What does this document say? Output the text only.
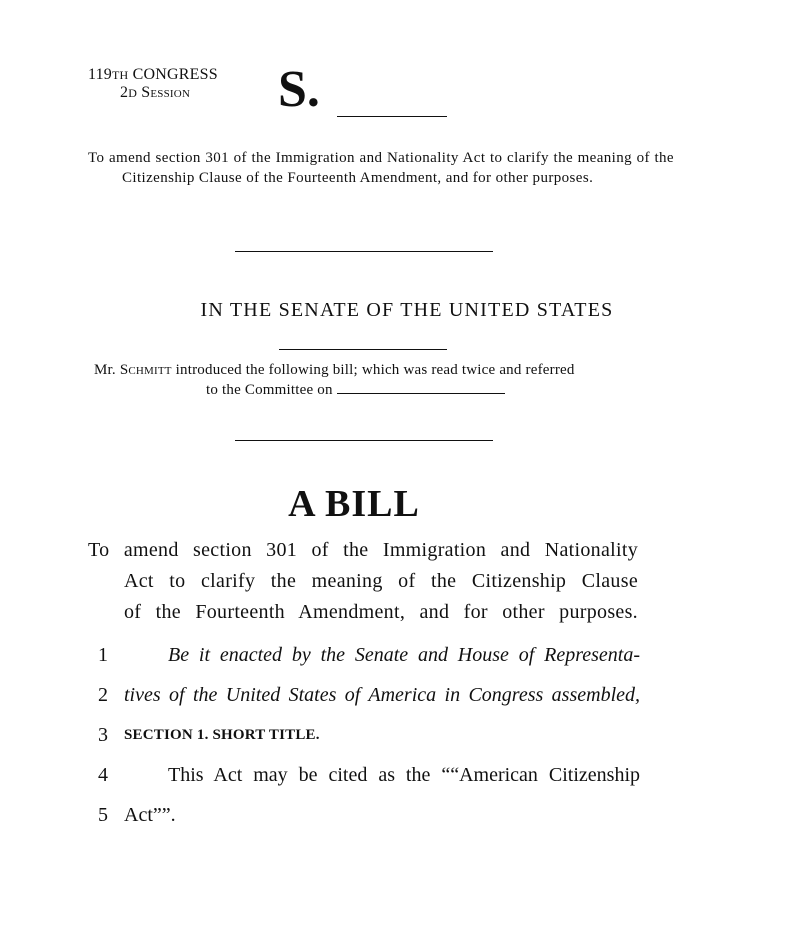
119TH CONGRESS
2D Session	S.
To amend section 301 of the Immigration and Nationality Act to clarify the meaning of the Citizenship Clause of the Fourteenth Amendment, and for other purposes.
IN THE SENATE OF THE UNITED STATES
Mr. Schmitt introduced the following bill; which was read twice and referred
to the Committee on
A BILL
To amend section 301 of the Immigration and Nationality
Act to clarify the meaning of the Citizenship Clause
of the Fourteenth Amendment, and for other purposes.
1	Be it enacted by the Senate and House of Representa-
2 tives of the United States of America in Congress assembled,
3	SECTION 1. SHORT TITLE.
4	This Act may be cited as the ““American Citizenship
5 Act””.
